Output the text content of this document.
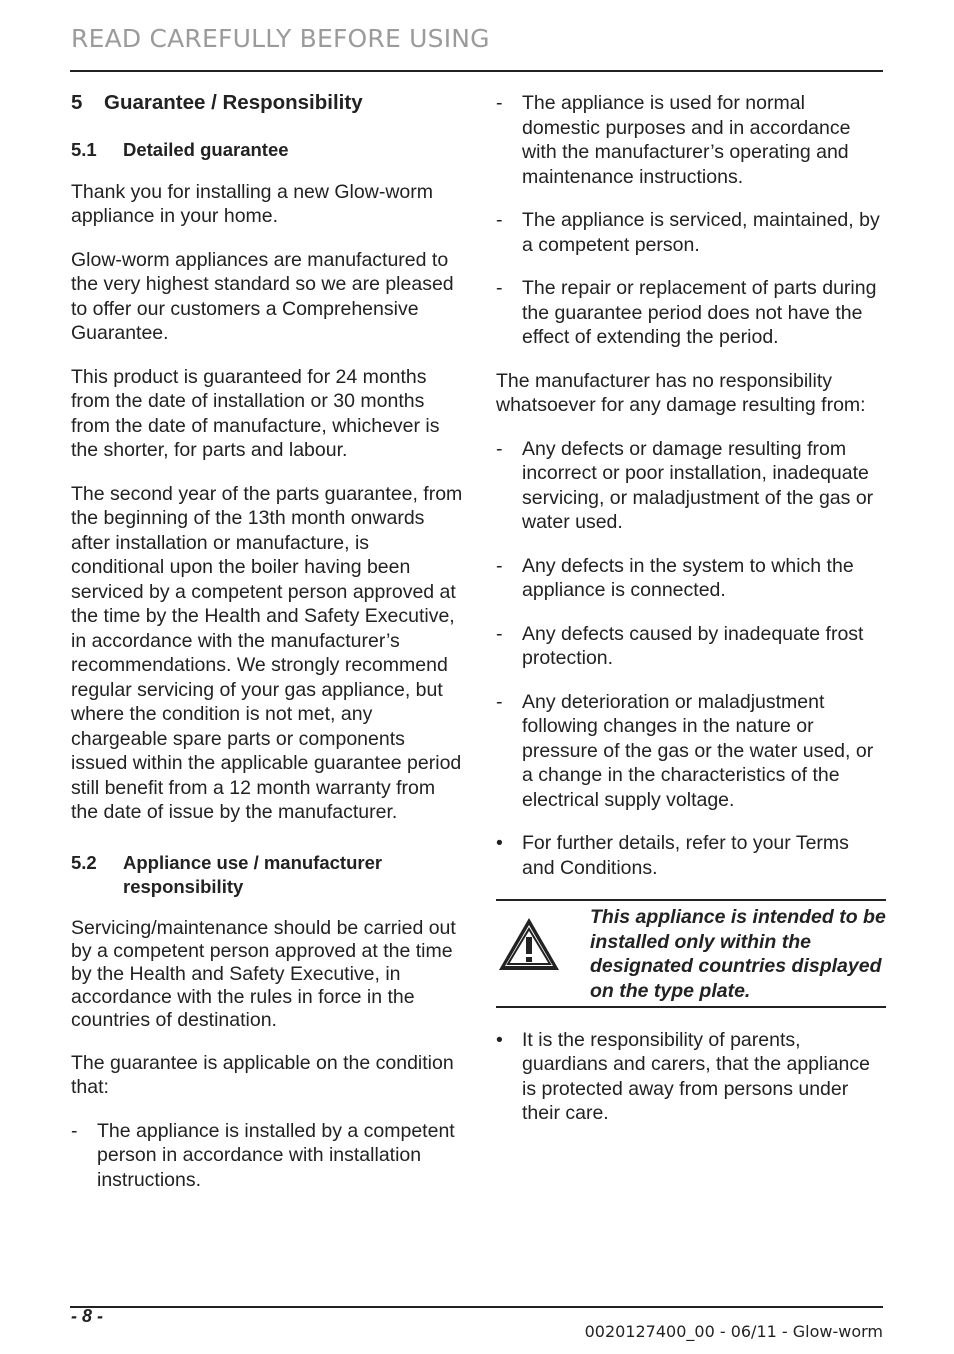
READ CAREFULLY BEFORE USING
5	Guarantee / Responsibility
5.1	Detailed guarantee

Thank you for installing a new Glow-worm appliance in your home.

Glow-worm appliances are manufactured to the very highest standard so we are pleased to offer our customers a Comprehensive Guarantee.

This product is guaranteed for 24 months from the date of installation or 30 months from the date of manufacture, whichever is the shorter, for parts and labour.

The second year of the parts guarantee, from the beginning of the 13th month onwards after installation or manufacture, is conditional upon the boiler having been serviced by a competent person approved at the time by the Health and Safety Executive, in accordance with the manufacturer’s recommendations. We strongly recommend regular servicing of your gas appliance, but where the condition is not met, any chargeable spare parts or components issued within the applicable guarantee period still benefit from a 12 month warranty from the date of issue by the manufacturer.

5.2	Appliance use / manufacturer responsibility

Servicing/maintenance should be carried out by a competent person approved at the time by the Health and Safety Executive, in accordance with the rules in force in the countries of destination.

The guarantee is applicable on the condition that:

-	The appliance is installed by a competent person in accordance with installation instructions.
-	The appliance is used for normal domestic purposes and in accordance with the manufacturer’s operating and maintenance instructions.
-	The appliance is serviced, maintained, by a competent person.
-	The repair or replacement of parts during the guarantee period does not have the effect of extending the period.

The manufacturer has no responsibility whatsoever for any damage resulting from:

-	Any defects or damage resulting from incorrect or poor installation, inadequate servicing, or maladjustment of the gas or water used.
-	Any defects in the system to which the appliance is connected.
-	Any defects caused by inadequate frost protection.
-	Any deterioration or maladjustment following changes in the nature or pressure of the gas or the water used, or a change in the characteristics of the electrical supply voltage.
• For further details, refer to your Terms and Conditions.
This appliance is intended to be installed only within the designated countries displayed on the type plate.
• It is the responsibility of parents, guardians and carers, that the appliance is protected away from persons under their care.
- 8 -
0020127400_00 - 06/11 - Glow-worm
